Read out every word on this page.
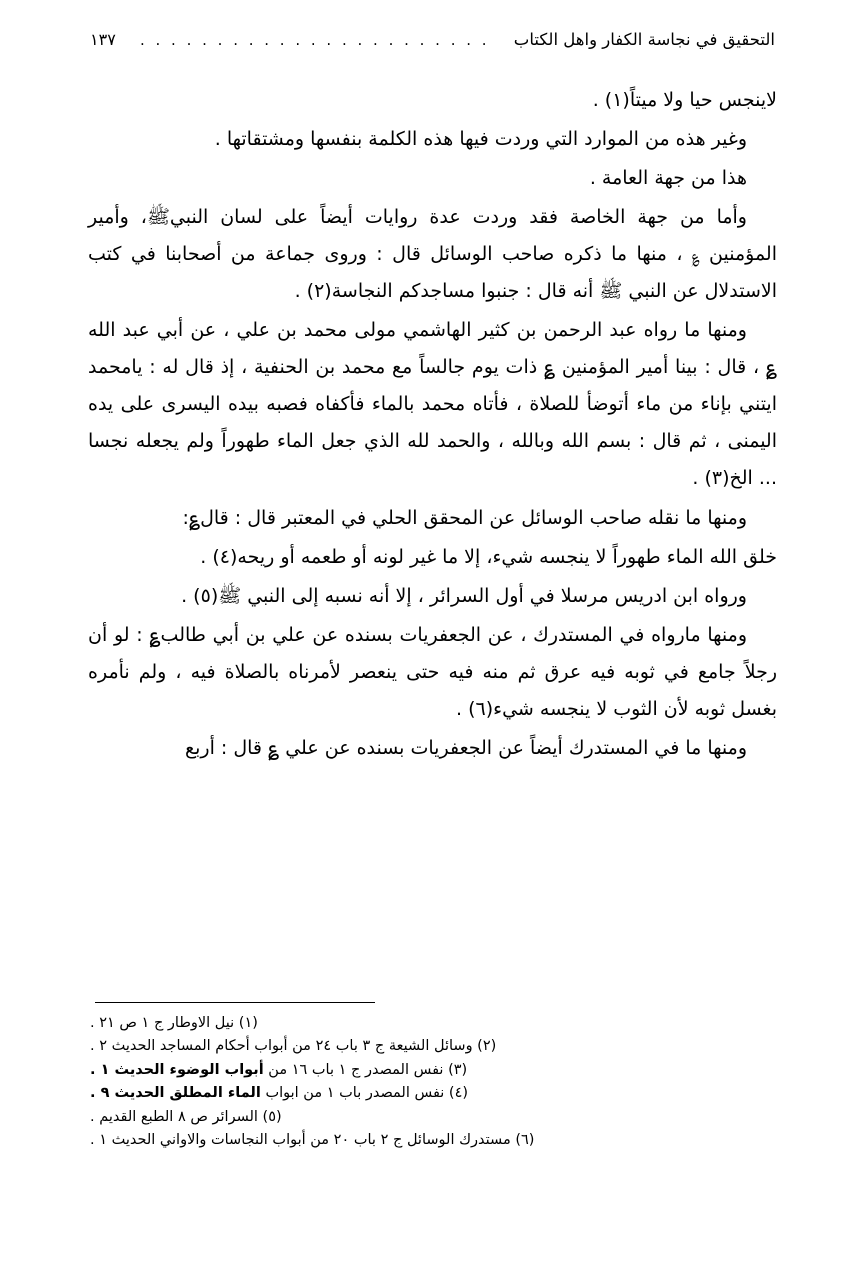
التحقيق في نجاسة الكفار واهل الكتاب
. . . . . . . . . . . . . . . . . . . . . . .
١٣٧

لاينجس حيا ولا ميتاً(١) .

وغير هذه من الموارد التي وردت فيها هذه الكلمة بنفسها ومشتقاتها .

هذا من جهة العامة .

وأما من جهة الخاصة فقد وردت عدة روايات أيضاً على لسان النبيﷺ، وأمير المؤمنين ؏ ، منها ما ذكره صاحب الوسائل قال : وروى جماعة من أصحابنا في كتب الاستدلال عن النبي ﷺ أنه قال : جنبوا مساجدكم النجاسة(٢) .

ومنها ما رواه عبد الرحمن بن كثير الهاشمي مولى محمد بن علي ، عن أبي عبد الله ؏ ، قال : بينا أمير المؤمنين ؏ ذات يوم جالساً مع محمد بن الحنفية ، إذ قال له : يامحمد ايتني بإناء من ماء أتوضأ للصلاة ، فأتاه محمد بالماء فأكفاه فصبه بيده اليسرى على يده اليمنى ، ثم قال : بسم الله وبالله ، والحمد لله الذي جعل الماء طهوراً ولم يجعله نجسا ... الخ(٣) .

ومنها ما نقله صاحب الوسائل عن المحقق الحلي في المعتبر قال : قال؏:

خلق الله الماء طهوراً لا ينجسه شيء، إلا ما غير لونه أو طعمه أو ريحه(٤) .

ورواه ابن ادريس مرسلا في أول السرائر ، إلا أنه نسبه إلى النبي ﷺ(٥) .

ومنها مارواه في المستدرك ، عن الجعفريات بسنده عن علي بن أبي طالب؏ : لو أن رجلاً جامع في ثوبه فيه عرق ثم منه فيه حتى ينعصر لأمرناه بالصلاة فيه ، ولم نأمره بغسل ثوبه لأن الثوب لا ينجسه شيء(٦) .

ومنها ما في المستدرك أيضاً عن الجعفريات بسنده عن علي ؏ قال : أربع

(١) نيل الاوطار ج ١ ص ٢١ .

(٢) وسائل الشيعة ج ٣ باب ٢٤ من أبواب أحكام المساجد الحديث ٢ .

(٣) نفس المصدر ج ١ باب ١٦ من أبواب الوضوء الحديث ١ .

(٤) نفس المصدر باب ١ من ابواب الماء المطلق الحديث ٩ .

(٥) السرائر ص ٨ الطبع القديم .

(٦) مستدرك الوسائل ج ٢ باب ٢٠ من أبواب النجاسات والاواني الحديث ١ .
